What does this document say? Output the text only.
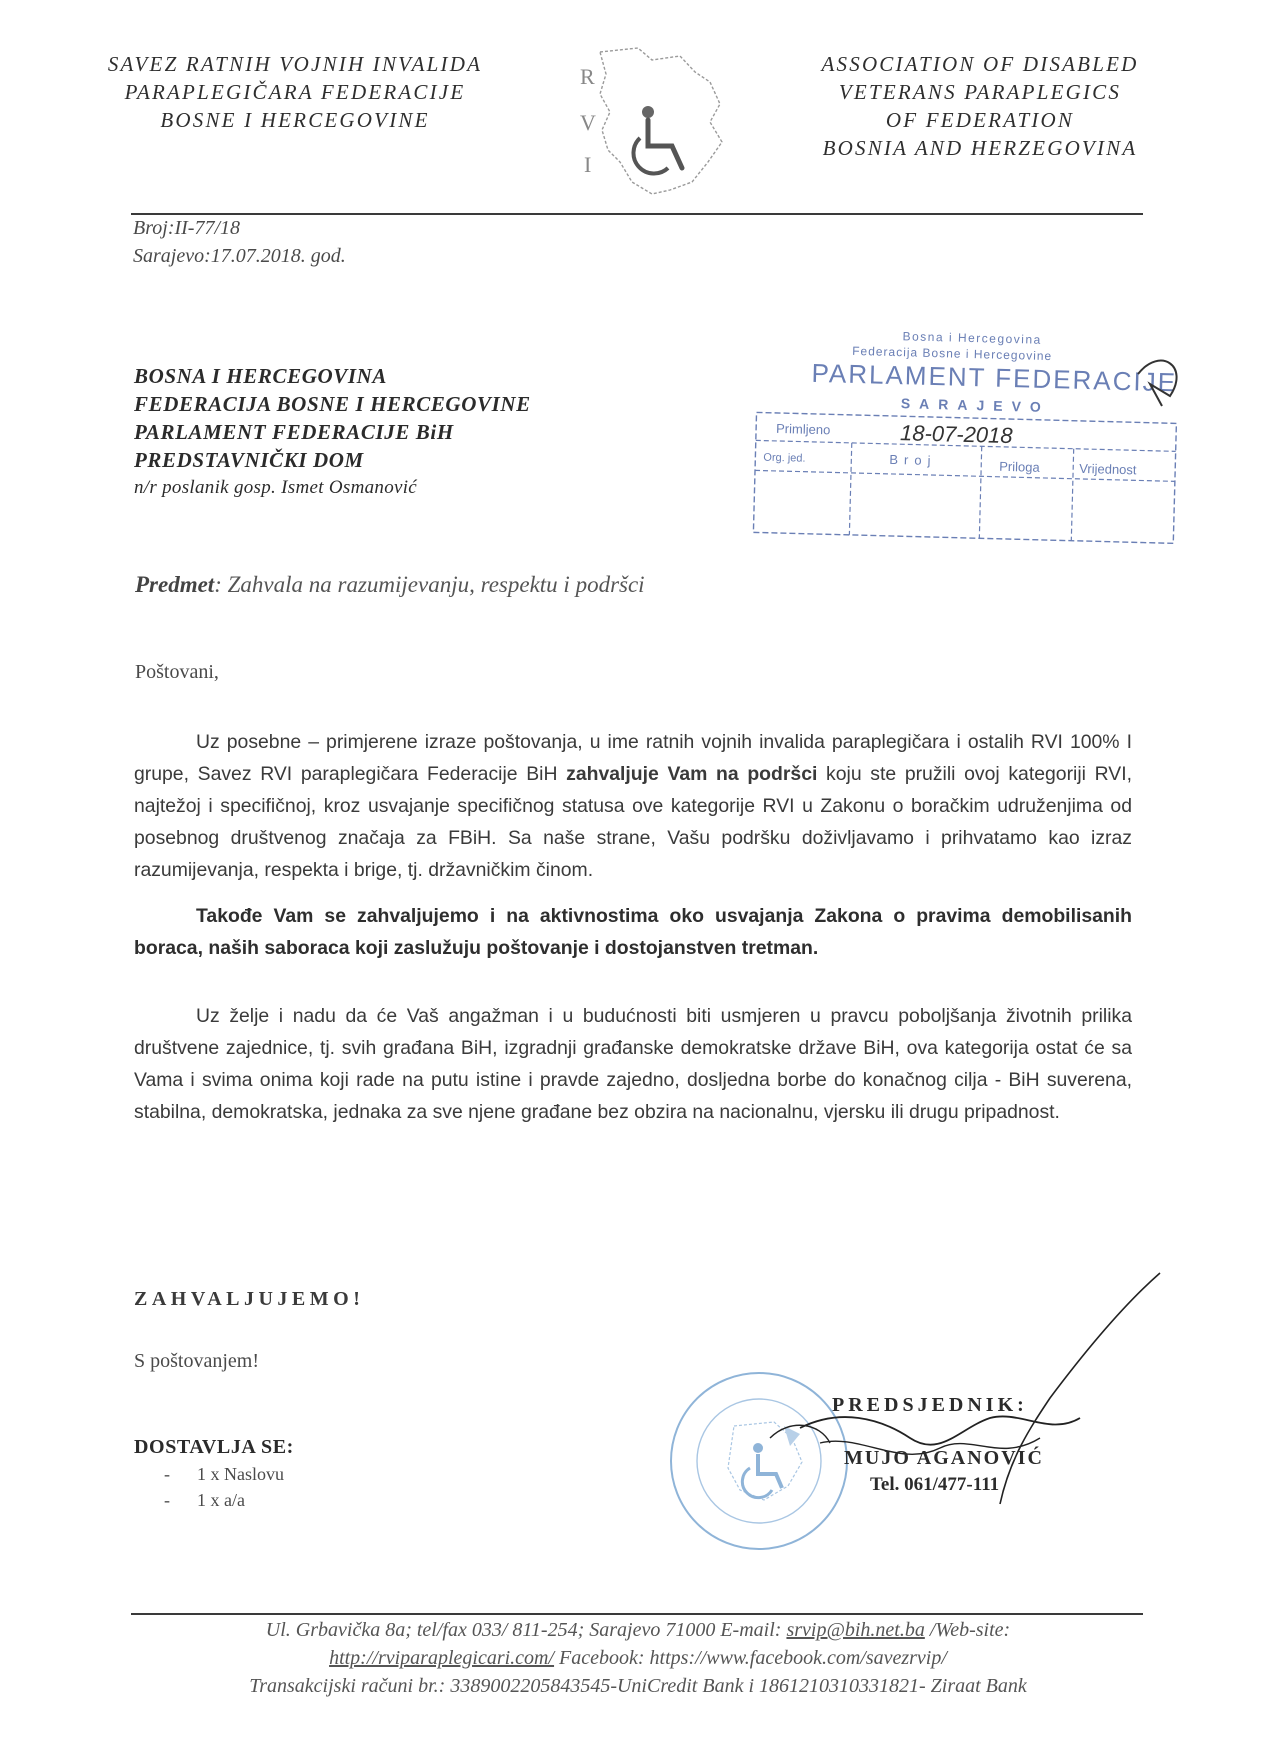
SAVEZ RATNIH VOJNIH INVALIDA
PARAPLEGIČARA FEDERACIJE
BOSNE I HERCEGOVINE
R
V
I
ASSOCIATION OF DISABLED
VETERANS PARAPLEGICS
OF FEDERATION
BOSNIA AND HERZEGOVINA
Broj:II-77/18
Sarajevo:17.07.2018. god.
BOSNA I HERCEGOVINA
FEDERACIJA BOSNE I HERCEGOVINE
PARLAMENT FEDERACIJE BiH
PREDSTAVNIČKI DOM
n/r poslanik gosp. Ismet Osmanović
Bosna i Hercegovina
Federacija Bosne i Hercegovine
PARLAMENT FEDERACIJE
SARAJEVO
Primljeno	18-07-2018
Org. jed.	Broj	Priloga	Vrijednost
Predmet: Zahvala na razumijevanju, respektu i podršci
Poštovani,

Uz posebne – primjerene izraze poštovanja, u ime ratnih vojnih invalida paraplegičara i ostalih RVI 100% I grupe, Savez RVI paraplegičara Federacije BiH zahvaljuje Vam na podršci koju ste pružili ovoj kategoriji RVI, najtežoj i specifičnoj, kroz usvajanje specifičnog statusa ove kategorije RVI u Zakonu o boračkim udruženjima od posebnog društvenog značaja za FBiH. Sa naše strane, Vašu podršku doživljavamo i prihvatamo kao izraz razumijevanja, respekta i brige, tj. državničkim činom.

Takođe Vam se zahvaljujemo i na aktivnostima oko usvajanja Zakona o pravima demobilisanih boraca, naših saboraca koji zaslužuju poštovanje i dostojanstven tretman.

Uz želje i nadu da će Vaš angažman i u budućnosti biti usmjeren u pravcu poboljšanja životnih prilika društvene zajednice, tj. svih građana BiH, izgradnji građanske demokratske države BiH, ova kategorija ostat će sa Vama i svima onima koji rade na putu istine i pravde zajedno, dosljedna borbe do konačnog cilja - BiH suverena, stabilna, demokratska, jednaka za sve njene građane bez obzira na nacionalnu, vjersku ili drugu pripadnost.

ZAHVALJUJEMO!
S poštovanjem!
DOSTAVLJA SE:
-      1 x Naslovu
-      1 x a/a
PREDSJEDNIK:
MUJO AGANOVIĆ
Tel. 061/477-111
Ul. Grbavička 8a; tel/fax 033/ 811-254; Sarajevo 71000 E-mail: srvip@bih.net.ba /Web-site:
http://rviparaplegicari.com/ Facebook: https://www.facebook.com/savezrvip/
Transakcijski računi br.: 3389002205843545-UniCredit Bank i 1861210310331821- Ziraat Bank
